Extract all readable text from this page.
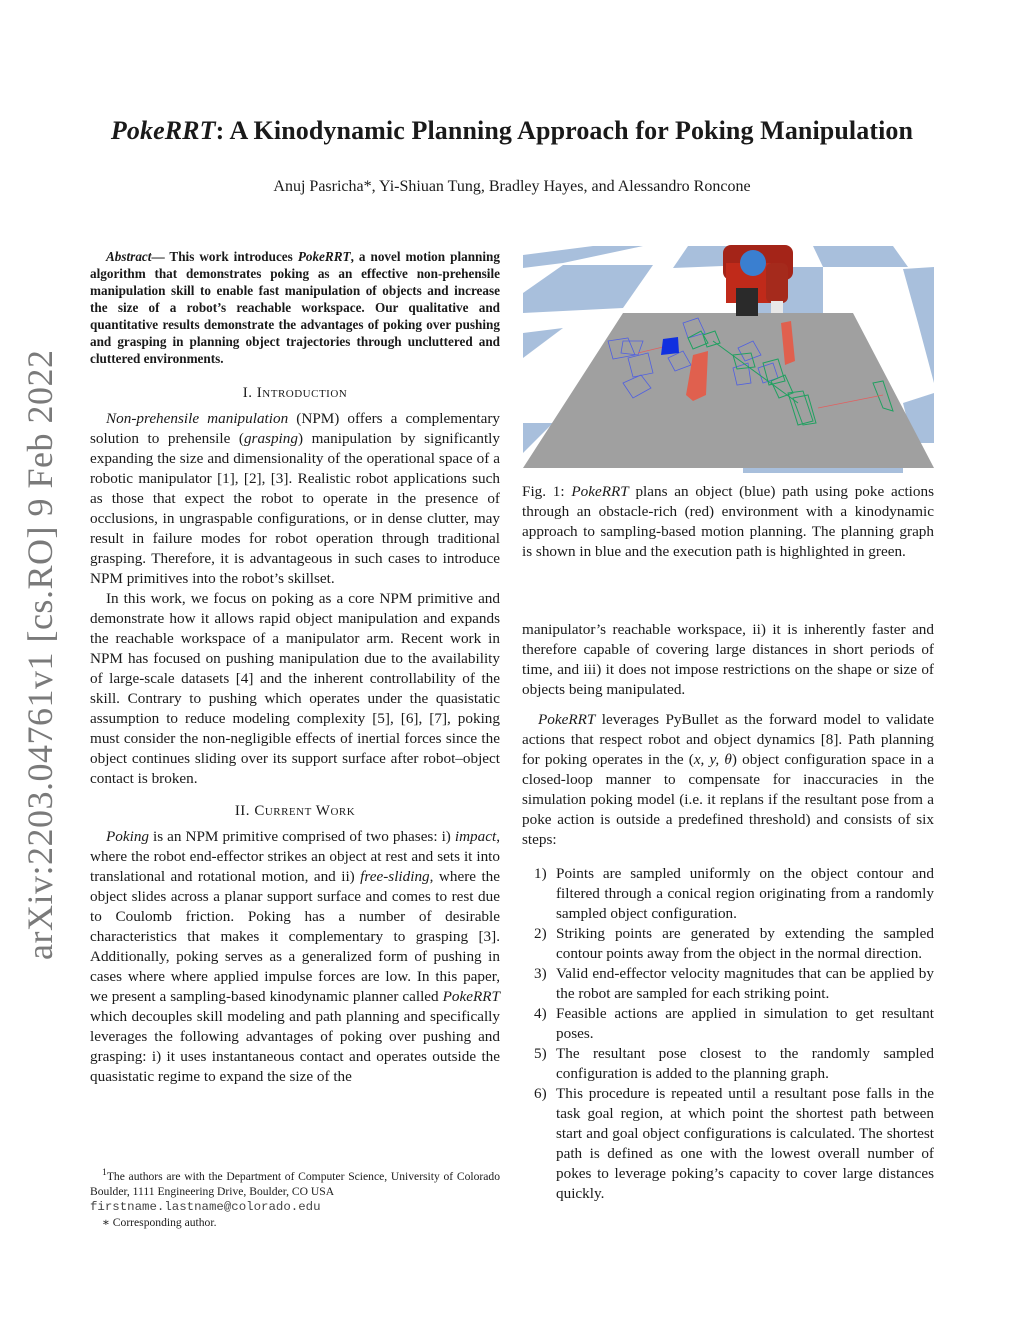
PokeRRT: A Kinodynamic Planning Approach for Poking Manipulation
Anuj Pasricha*, Yi-Shiuan Tung, Bradley Hayes, and Alessandro Roncone
arXiv:2203.04761v1 [cs.RO] 9 Feb 2022
Abstract— This work introduces PokeRRT, a novel motion planning algorithm that demonstrates poking as an effective non-prehensile manipulation skill to enable fast manipulation of objects and increase the size of a robot’s reachable workspace. Our qualitative and quantitative results demonstrate the advantages of poking over pushing and grasping in planning object trajectories through uncluttered and cluttered environments.
I. Introduction

Non-prehensile manipulation (NPM) offers a complementary solution to prehensile (grasping) manipulation by significantly expanding the size and dimensionality of the operational space of a robotic manipulator [1], [2], [3]. Realistic robot applications such as those that expect the robot to operate in the presence of occlusions, in ungraspable configurations, or in dense clutter, may result in failure modes for robot operation through traditional grasping. Therefore, it is advantageous in such cases to introduce NPM primitives into the robot’s skillset.

In this work, we focus on poking as a core NPM primitive and demonstrate how it allows rapid object manipulation and expands the reachable workspace of a manipulator arm. Recent work in NPM has focused on pushing manipulation due to the availability of large-scale datasets [4] and the inherent controllability of the skill. Contrary to pushing which operates under the quasistatic assumption to reduce modeling complexity [5], [6], [7], poking must consider the non-negligible effects of inertial forces since the object continues sliding over its support surface after robot–object contact is broken.

II. Current Work

Poking is an NPM primitive comprised of two phases: i) impact, where the robot end-effector strikes an object at rest and sets it into translational and rotational motion, and ii) free-sliding, where the object slides across a planar support surface and comes to rest due to Coulomb friction. Poking has a number of desirable characteristics that makes it complementary to grasping [3]. Additionally, poking serves as a generalized form of pushing in cases where where applied impulse forces are low. In this paper, we present a sampling-based kinodynamic planner called PokeRRT which decouples skill modeling and path planning and specifically leverages the following advantages of poking over pushing and grasping: i) it uses instantaneous contact and operates outside the quasistatic regime to expand the size of the

Fig. 1: PokeRRT plans an object (blue) path using poke actions through an obstacle-rich (red) environment with a kinodynamic approach to sampling-based motion planning. The planning graph is shown in blue and the execution path is highlighted in green.

manipulator’s reachable workspace, ii) it is inherently faster and therefore capable of covering large distances in short periods of time, and iii) it does not impose restrictions on the shape or size of objects being manipulated.

PokeRRT leverages PyBullet as the forward model to validate actions that respect robot and object dynamics [8]. Path planning for poking operates in the (x, y, θ) object configuration space in a closed-loop manner to compensate for inaccuracies in the simulation poking model (i.e. it replans if the resultant pose from a poke action is outside a predefined threshold) and consists of six steps:

1) Points are sampled uniformly on the object contour and filtered through a conical region originating from a randomly sampled object configuration.
2) Striking points are generated by extending the sampled contour points away from the object in the normal direction.
3) Valid end-effector velocity magnitudes that can be applied by the robot are sampled for each striking point.
4) Feasible actions are applied in simulation to get resultant poses.
5) The resultant pose closest to the randomly sampled configuration is added to the planning graph.
6) This procedure is repeated until a resultant pose falls in the task goal region, at which point the shortest path between start and goal object configurations is calculated. The shortest path is defined as one with the lowest overall number of pokes to leverage poking’s capacity to cover large distances quickly.
$^1$The authors are with the Department of Computer Science, University of Colorado Boulder, 1111 Engineering Drive, Boulder, CO USA
firstname.lastname@colorado.edu
∗ Corresponding author.
